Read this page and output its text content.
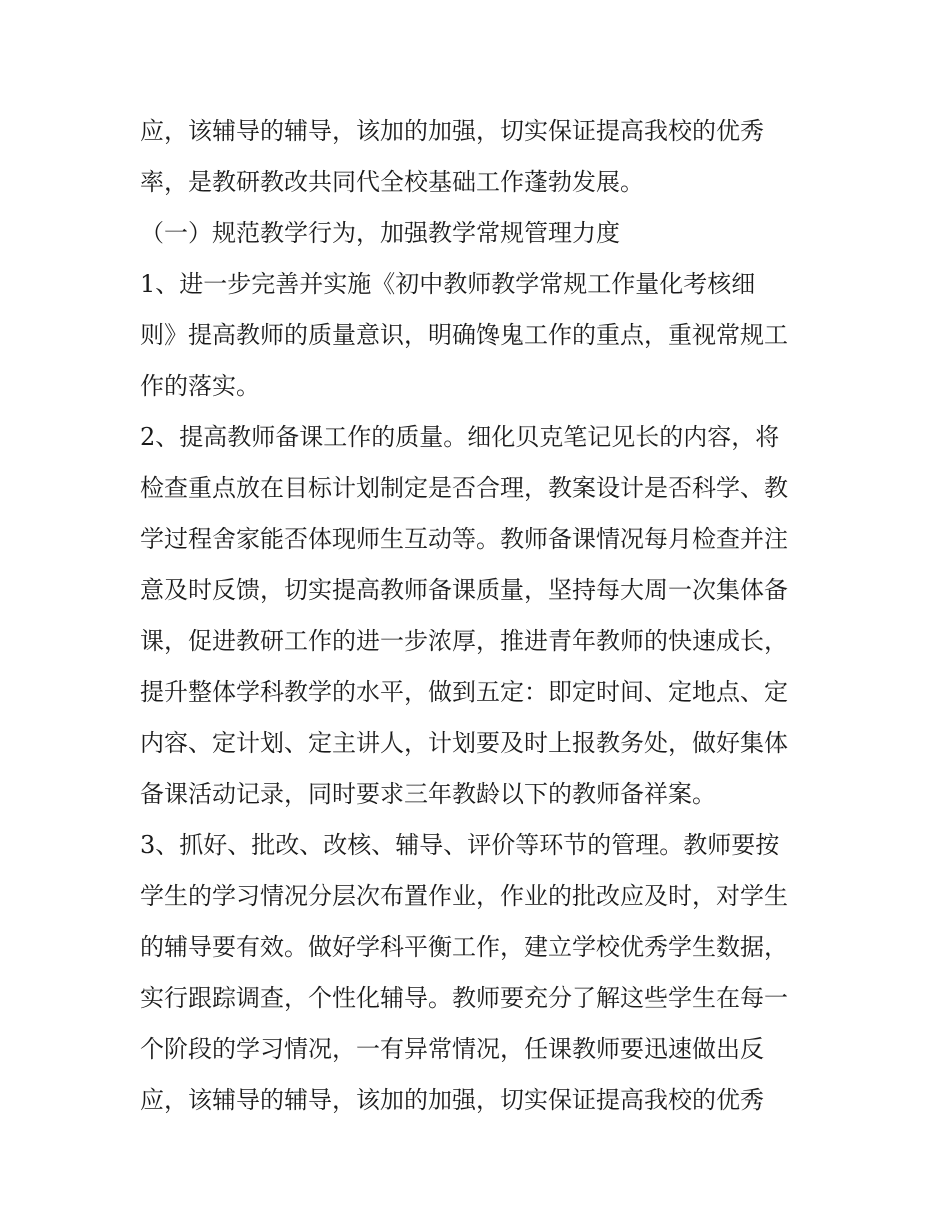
应，该辅导的辅导，该加的加强，切实保证提高我校的优秀
率，是教研教改共同代全校基础工作蓬勃发展。
（一）规范教学行为，加强教学常规管理力度
1、进一步完善并实施《初中教师教学常规工作量化考核细
则》提高教师的质量意识，明确馋鬼工作的重点，重视常规工
作的落实。
2、提高教师备课工作的质量。细化贝克笔记见长的内容，将
检查重点放在目标计划制定是否合理，教案设计是否科学、教
学过程舍家能否体现师生互动等。教师备课情况每月检查并注
意及时反馈，切实提高教师备课质量，坚持每大周一次集体备
课，促进教研工作的进一步浓厚，推进青年教师的快速成长，
提升整体学科教学的水平，做到五定：即定时间、定地点、定
内容、定计划、定主讲人，计划要及时上报教务处，做好集体
备课活动记录，同时要求三年教龄以下的教师备祥案。
3、抓好、批改、改核、辅导、评价等环节的管理。教师要按
学生的学习情况分层次布置作业，作业的批改应及时，对学生
的辅导要有效。做好学科平衡工作，建立学校优秀学生数据，
实行跟踪调查，个性化辅导。教师要充分了解这些学生在每一
个阶段的学习情况，一有异常情况，任课教师要迅速做出反
应，该辅导的辅导，该加的加强，切实保证提高我校的优秀
